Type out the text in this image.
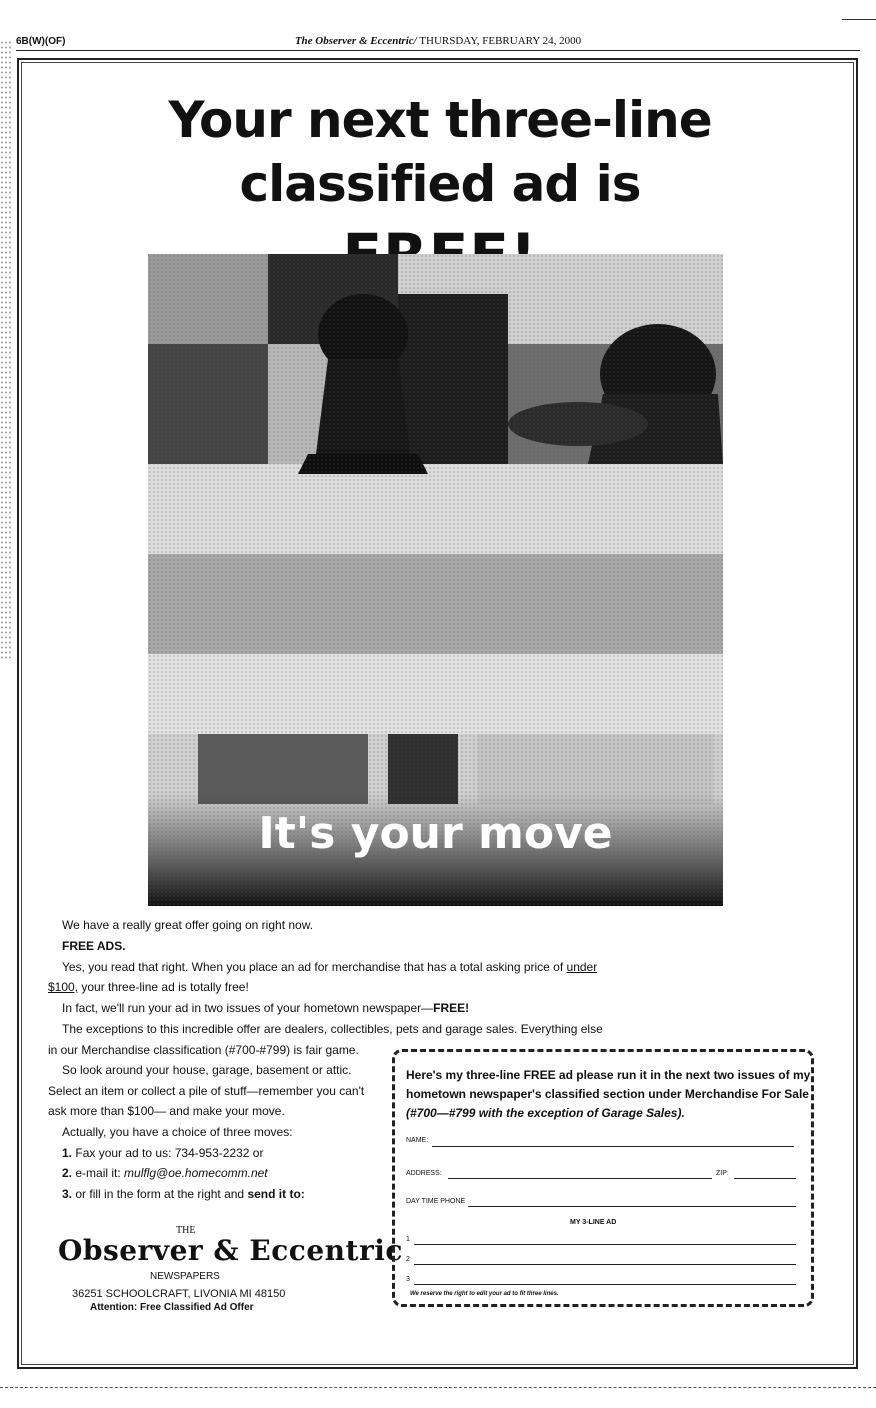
6B(W)(OF)	The Observer & Eccentric/ THURSDAY, FEBRUARY 24, 2000
Your next three-line
classified ad is
It's your move
We have a really great offer going on right now.
FREE ADS.
Yes, you read that right. When you place an ad for merchandise that has a total asking price of under
$100, your three-line ad is totally free!
In fact, we'll run your ad in two issues of your hometown newspaper—FREE!
The exceptions to this incredible offer are dealers, collectibles, pets and garage sales. Everything else
in our Merchandise classification (#700-#799) is fair game.
So look around your house, garage, basement or attic.
Select an item or collect a pile of stuff—remember you can't
ask more than $100— and make your move.
Actually, you have a choice of three moves:
1. Fax your ad to us: 734-953-2232 or
2. e-mail it: mulflg@oe.homecomm.net
3. or fill in the form at the right and send it to:
THE
Observer & Eccentric
NEWSPAPERS
36251 SCHOOLCRAFT, LIVONIA MI 48150
Attention: Free Classified Ad Offer
Here's my three-line FREE ad please run it in the next two issues of my
hometown newspaper's classified section under Merchandise For Sale
(#700—#799 with the exception of Garage Sales).
NAME:
ADDRESS:	ZIP:
DAY TIME PHONE
MY 3-LINE AD
1
2
3
We reserve the right to edit your ad to fit three lines.
